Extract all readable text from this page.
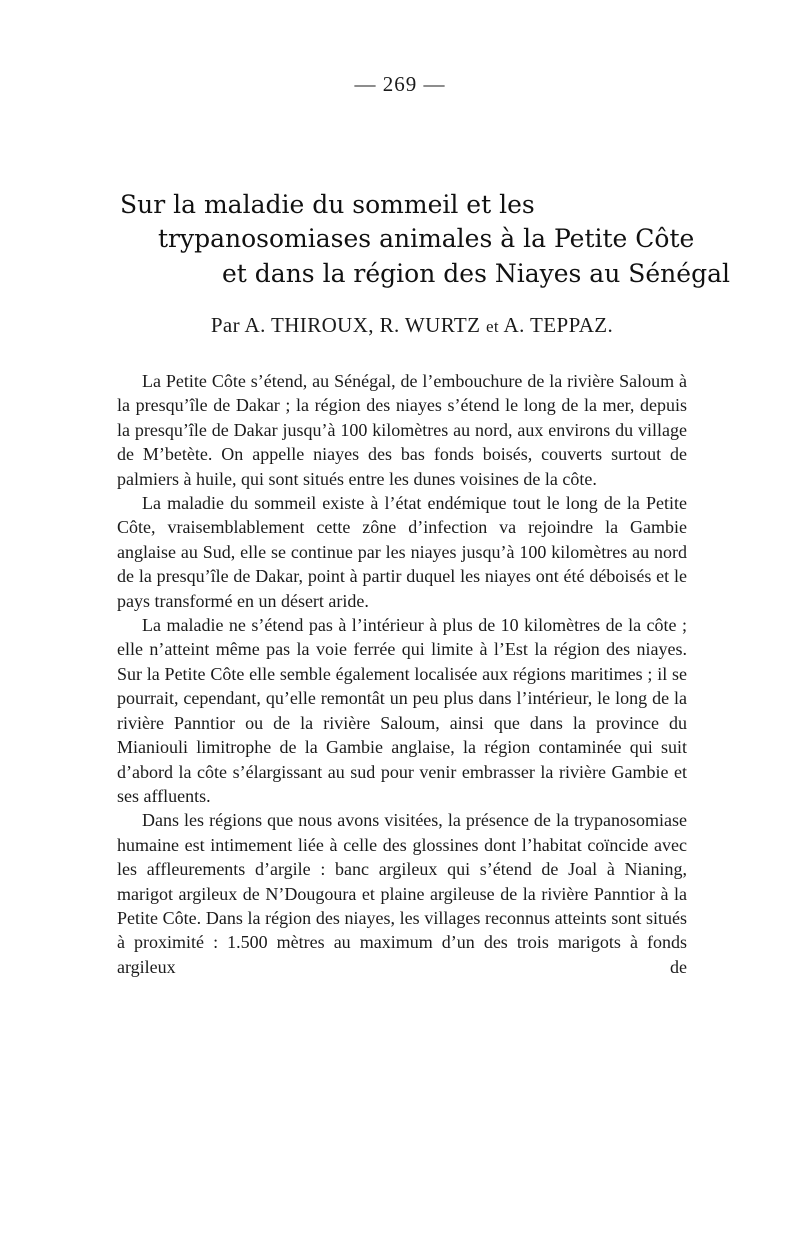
— 269 —
Sur la maladie du sommeil et les
trypanosomiases animales à la Petite Côte
et dans la région des Niayes au Sénégal
Par A. THIROUX, R. WURTZ et A. TEPPAZ.

La Petite Côte s’étend, au Sénégal, de l’embouchure de la rivière Saloum à la presqu’île de Dakar ; la région des niayes s’étend le long de la mer, depuis la presqu’île de Dakar jusqu’à 100 kilomètres au nord, aux environs du village de M’betète. On appelle niayes des bas fonds boisés, couverts surtout de palmiers à huile, qui sont situés entre les dunes voisines de la côte.

La maladie du sommeil existe à l’état endémique tout le long de la Petite Côte, vraisemblablement cette zône d’infection va rejoindre la Gambie anglaise au Sud, elle se continue par les niayes jusqu’à 100 kilomètres au nord de la presqu’île de Dakar, point à partir duquel les niayes ont été déboisés et le pays transformé en un désert aride.

La maladie ne s’étend pas à l’intérieur à plus de 10 kilomètres de la côte ; elle n’atteint même pas la voie ferrée qui limite à l’Est la région des niayes. Sur la Petite Côte elle semble également localisée aux régions maritimes ; il se pourrait, cependant, qu’elle remontât un peu plus dans l’intérieur, le long de la rivière Panntior ou de la rivière Saloum, ainsi que dans la province du Mianiouli limitrophe de la Gambie anglaise, la région contaminée qui suit d’abord la côte s’élargissant au sud pour venir embrasser la rivière Gambie et ses affluents.

Dans les régions que nous avons visitées, la présence de la trypanosomiase humaine est intimement liée à celle des glossines dont l’habitat coïncide avec les affleurements d’argile : banc argileux qui s’étend de Joal à Nianing, marigot argileux de N’Dougoura et plaine argileuse de la rivière Panntior à la Petite Côte. Dans la région des niayes, les villages reconnus atteints sont situés à proximité : 1.500 mètres au maximum d’un des trois marigots à fonds argileux de
